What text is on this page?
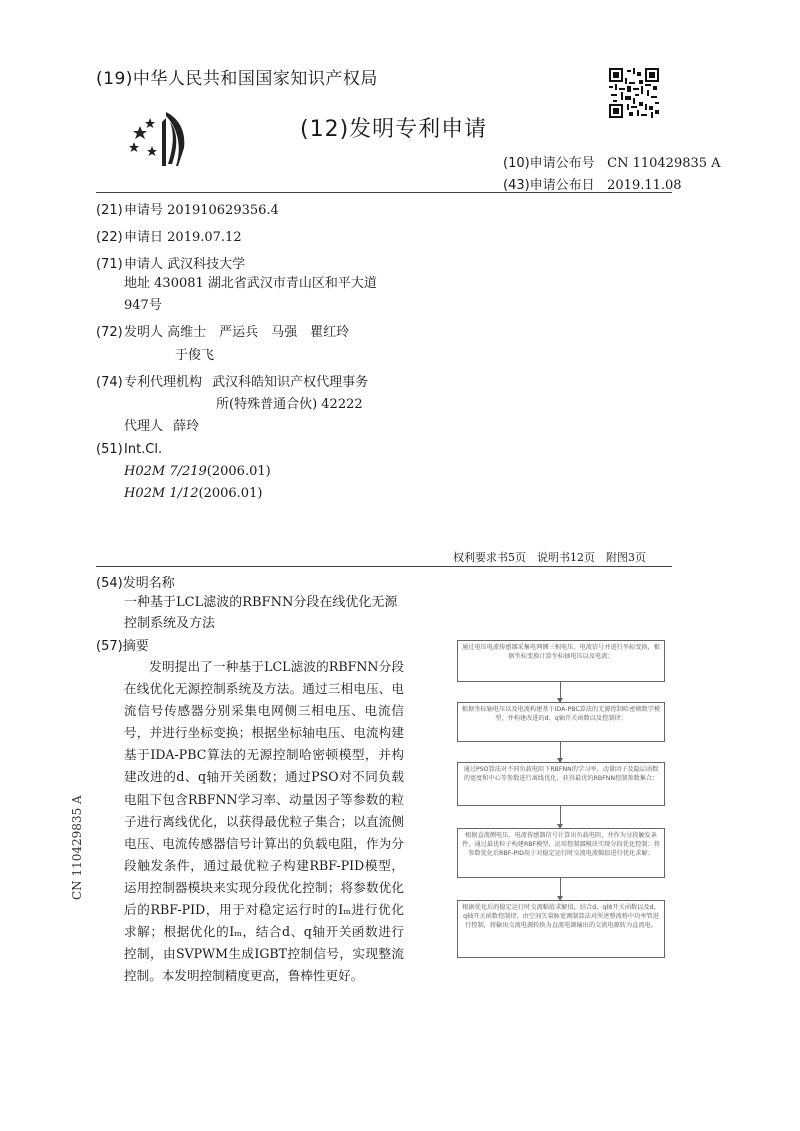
(19)中华人民共和国国家知识产权局
(12)发明专利申请
(10)申请公布号 CN 110429835 A
(43)申请公布日 2019.11.08
(21)申请号 201910629356.4
(22)申请日 2019.07.12
(71)申请人 武汉科技大学
地址 430081 湖北省武汉市青山区和平大道947号
(72)发明人 高维士　严运兵　马强　瞿红玲
于俊飞
(74)专利代理机构 武汉科皓知识产权代理事务
所(特殊普通合伙) 42222
代理人 薛玲
(51)Int.Cl.
H02M 7/219(2006.01)
H02M 1/12(2006.01)
权利要求书5页　说明书12页　附图3页
(54)发明名称
一种基于LCL滤波的RBFNN分段在线优化无源控制系统及方法
(57)摘要
发明提出了一种基于LCL滤波的RBFNN分段在线优化无源控制系统及方法。通过三相电压、电流信号传感器分别采集电网侧三相电压、电流信号，并进行坐标变换；根据坐标轴电压、电流构建基于IDA-PBC算法的无源控制哈密顿模型，并构建改进的d、q轴开关函数；通过PSO对不同负载电阻下包含RBFNN学习率、动量因子等参数的粒子进行离线优化，以获得最优粒子集合；以直流侧电压、电流传感器信号计算出的负载电阻，作为分段触发条件，通过最优粒子构建RBF-PID模型，运用控制器模块来实现分段优化控制；将参数优化后的RBF-PID，用于对稳定运行时的Iₘ进行优化求解；根据优化的Iₘ，结合d、q轴开关函数进行控制，由SVPWM生成IGBT控制信号，实现整流控制。本发明控制精度更高，鲁棒性更好。
CN 110429835 A
通过电压电流传感器采集电网侧三相电压、电流信号并进行坐标变换，根据坐标变换计算坐标轴电压以及电流；
根据坐标轴电压以及电流构建基于IDA-PBC算法的无源控制哈密顿数学模型，并构建改进的d、q轴开关函数以及控制律；
通过PSO算法对不同负载电阻下RBFNN的学习率、动量因子及隐层函数的宽度和中心等参数进行离线优化，获得最优的RBFNN控制参数集合；
根据直流侧电压、电流传感器信号计算出负载电阻，并作为分段触发条件，通过最优粒子构建RBF模型，运用控制器模块实现分段优化控制；将参数优化后RBF-PID用于对稳定运行时交流电流幅值进行优化求解；
根据优化后的稳定运行时交流幅值求解值，结合d、q轴开关函数以及d、q轴开关函数控制律，由空间矢量脉宽调制算法对所述整流桥中功率管进行控制，将输出交流电源转换为直流电源输出的交流电源转为直流电。
